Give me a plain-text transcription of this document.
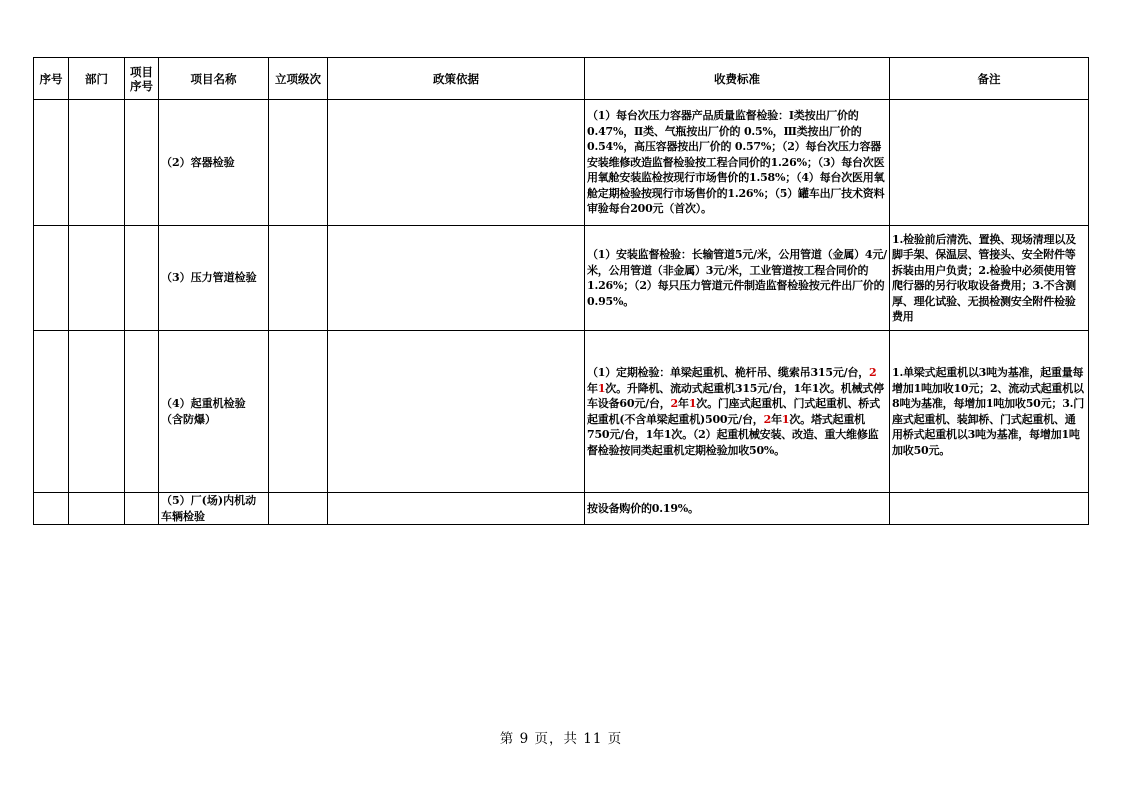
序号	部门	项目序号	项目名称	立项级次	政策依据	收费标准	备注
			（2）容器检验			（1）每台次压力容器产品质量监督检验：I类按出厂价的0.47%，Ⅱ类、气瓶按出厂价的 0.5%，Ⅲ类按出厂价的 0.54%，高压容器按出厂价的 0.57%；（2）每台次压力容器安装维修改造监督检验按工程合同价的1.26%；（3）每台次医用氧舱安装监检按现行市场售价的1.58%；（4）每台次医用氧舱定期检验按现行市场售价的1.26%；（5）罐车出厂技术资料审验每台200元（首次）。	
			（3）压力管道检验			（1）安装监督检验：长输管道5元/米，公用管道（金属）4元/米，公用管道（非金属）3元/米，工业管道按工程合同价的1.26%；（2）每只压力管道元件制造监督检验按元件出厂价的0.95%。	1.检验前后清洗、置换、现场清理以及脚手架、保温层、管接头、安全附件等拆装由用户负责；2.检验中必须使用管爬行器的另行收取设备费用；3.不含测厚、理化试验、无损检测安全附件检验费用
			（4）起重机检验（含防爆）			（1）定期检验：单梁起重机、桅杆吊、缆索吊315元/台，2年1次。升降机、流动式起重机315元/台，1年1次。机械式停车设备60元/台，2年1次。门座式起重机、门式起重机、桥式起重机(不含单梁起重机)500元/台，2年1次。塔式起重机750元/台，1年1次。（2）起重机械安装、改造、重大维修监督检验按同类起重机定期检验加收50%。	1.单梁式起重机以3吨为基准，起重量每增加1吨加收10元；2、流动式起重机以8吨为基准，每增加1吨加收50元；3.门座式起重机、装卸桥、门式起重机、通用桥式起重机以3吨为基准，每增加1吨加收50元。
			（5）厂(场)内机动车辆检验			按设备购价的0.19%。	
第 9 页，共 11 页
